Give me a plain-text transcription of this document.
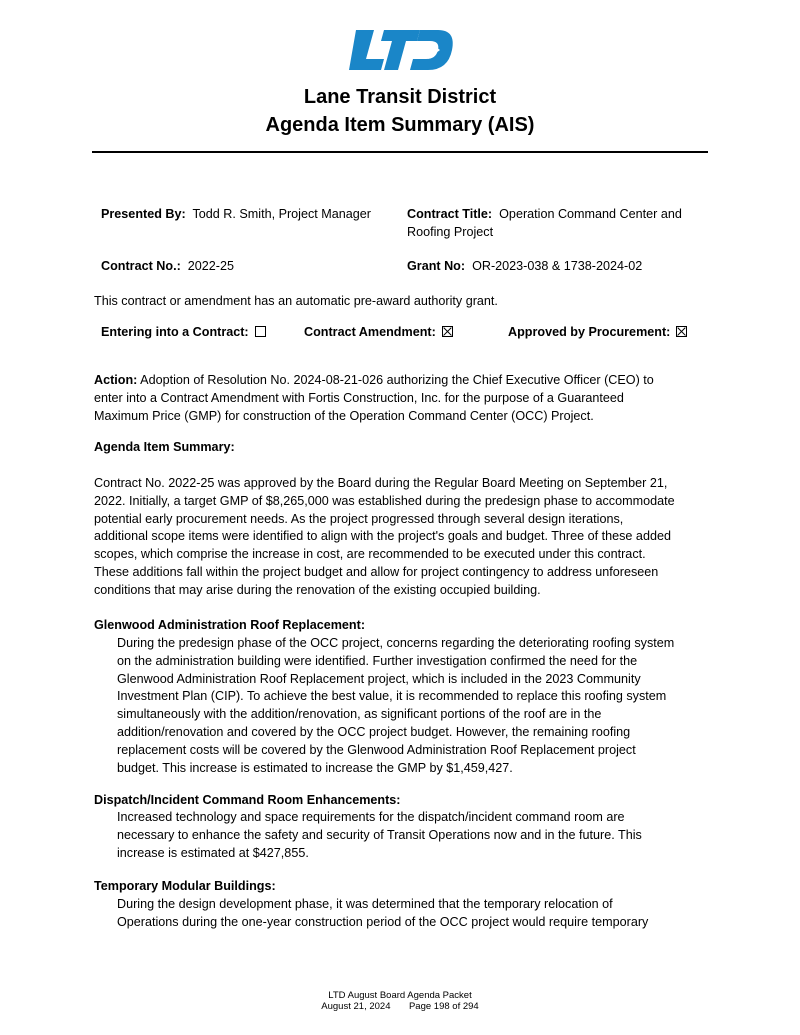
Lane Transit District
Agenda Item Summary (AIS)
Presented By: Todd R. Smith, Project Manager	Contract Title: Operation Command Center and
Roofing Project
Contract No.: 2022-25	Grant No: OR-2023-038 & 1738-2024-02
This contract or amendment has an automatic pre-award authority grant.
Entering into a Contract:	Contract Amendment:	Approved by Procurement:
Action: Adoption of Resolution No. 2024-08-21-026 authorizing the Chief Executive Officer (CEO) to
enter into a Contract Amendment with Fortis Construction, Inc. for the purpose of a Guaranteed
Maximum Price (GMP) for construction of the Operation Command Center (OCC) Project.
Agenda Item Summary:
Contract No. 2022-25 was approved by the Board during the Regular Board Meeting on September 21,
2022. Initially, a target GMP of $8,265,000 was established during the predesign phase to accommodate
potential early procurement needs. As the project progressed through several design iterations,
additional scope items were identified to align with the project's goals and budget. Three of these added
scopes, which comprise the increase in cost, are recommended to be executed under this contract.
These additions fall within the project budget and allow for project contingency to address unforeseen
conditions that may arise during the renovation of the existing occupied building.
Glenwood Administration Roof Replacement:
During the predesign phase of the OCC project, concerns regarding the deteriorating roofing system
on the administration building were identified. Further investigation confirmed the need for the
Glenwood Administration Roof Replacement project, which is included in the 2023 Community
Investment Plan (CIP). To achieve the best value, it is recommended to replace this roofing system
simultaneously with the addition/renovation, as significant portions of the roof are in the
addition/renovation and covered by the OCC project budget. However, the remaining roofing
replacement costs will be covered by the Glenwood Administration Roof Replacement project
budget. This increase is estimated to increase the GMP by $1,459,427.
Dispatch/Incident Command Room Enhancements:
Increased technology and space requirements for the dispatch/incident command room are
necessary to enhance the safety and security of Transit Operations now and in the future. This
increase is estimated at $427,855.
Temporary Modular Buildings:
During the design development phase, it was determined that the temporary relocation of
Operations during the one-year construction period of the OCC project would require temporary
LTD August Board Agenda Packet
August 21, 2024 Page 198 of 294
